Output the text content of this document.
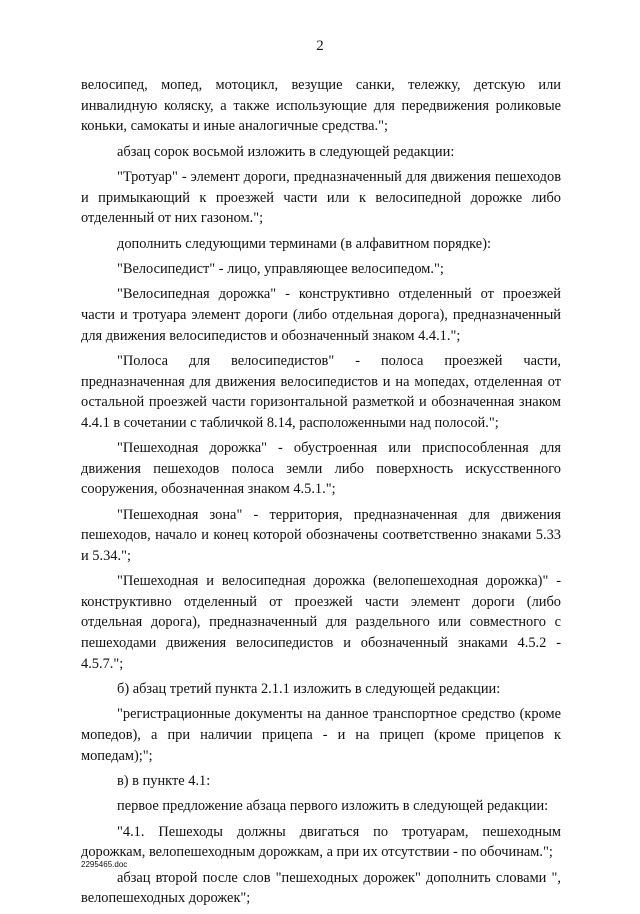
2

велосипед, мопед, мотоцикл, везущие санки, тележку, детскую или инвалидную коляску, а также использующие для передвижения роликовые коньки, самокаты и иные аналогичные средства.";

абзац сорок восьмой изложить в следующей редакции:

"Тротуар" - элемент дороги, предназначенный для движения пешеходов и примыкающий к проезжей части или к велосипедной дорожке либо отделенный от них газоном.";

дополнить следующими терминами (в алфавитном порядке):

"Велосипедист" - лицо, управляющее велосипедом.";

"Велосипедная дорожка" - конструктивно отделенный от проезжей части и тротуара элемент дороги (либо отдельная дорога), предназначенный для движения велосипедистов и обозначенный знаком 4.4.1.";

"Полоса для велосипедистов" - полоса проезжей части, предназначенная для движения велосипедистов и на мопедах, отделенная от остальной проезжей части горизонтальной разметкой и обозначенная знаком 4.4.1 в сочетании с табличкой 8.14, расположенными над полосой.";

"Пешеходная дорожка" - обустроенная или приспособленная для движения пешеходов полоса земли либо поверхность искусственного сооружения, обозначенная знаком 4.5.1.";

"Пешеходная зона" - территория, предназначенная для движения пешеходов, начало и конец которой обозначены соответственно знаками 5.33 и 5.34.";

"Пешеходная и велосипедная дорожка (велопешеходная дорожка)" - конструктивно отделенный от проезжей части элемент дороги (либо отдельная дорога), предназначенный для раздельного или совместного с пешеходами движения велосипедистов и обозначенный знаками 4.5.2 - 4.5.7.";

б) абзац третий пункта 2.1.1 изложить в следующей редакции:

"регистрационные документы на данное транспортное средство (кроме мопедов), а при наличии прицепа - и на прицеп (кроме прицепов к мопедам);";

в) в пункте 4.1:

первое предложение абзаца первого изложить в следующей редакции:

"4.1. Пешеходы должны двигаться по тротуарам, пешеходным дорожкам, велопешеходным дорожкам, а при их отсутствии - по обочинам.";

абзац второй после слов "пешеходных дорожек" дополнить словами ", велопешеходных дорожек";

2295465.doc
